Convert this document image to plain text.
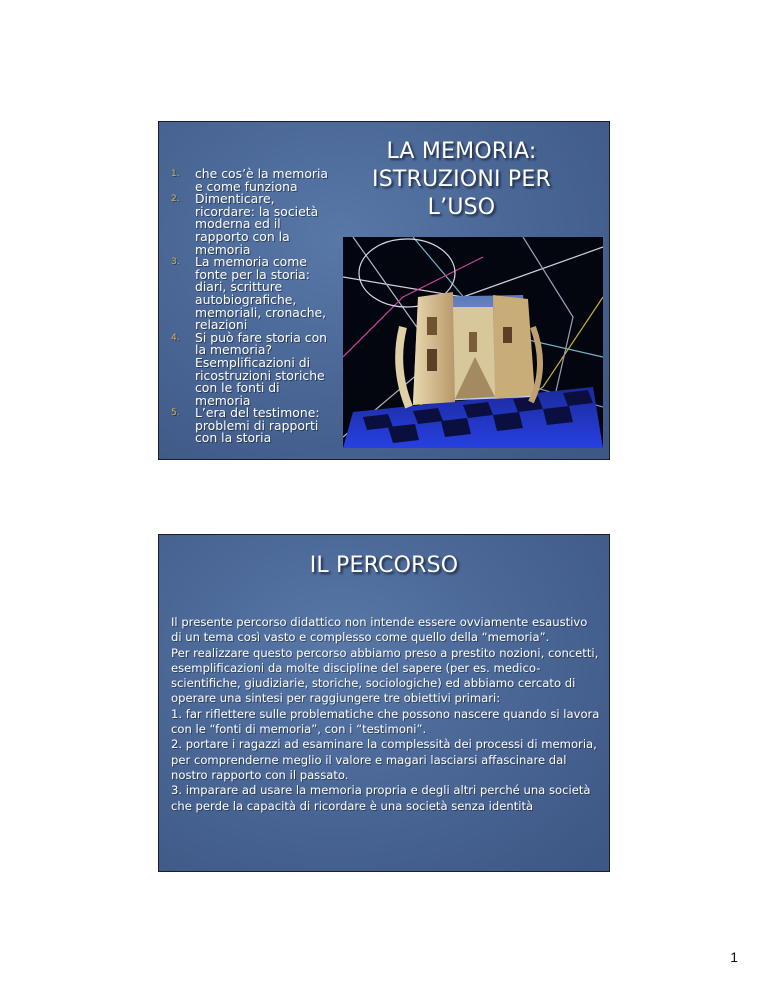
1. che cos’è la memoria e come funziona
2. Dimenticare, ricordare: la società moderna ed il rapporto con la memoria
3. La memoria come fonte per la storia: diari, scritture autobiografiche, memoriali, cronache, relazioni
4. Si può fare storia con la memoria? Esemplificazioni di ricostruzioni storiche con le fonti di memoria
5. L’era del testimone: problemi di rapporti con la storia
LA MEMORIA:
ISTRUZIONI PER
L’USO
IL PERCORSO

Il presente percorso didattico non intende essere ovviamente esaustivo di un tema così vasto e complesso come quello della “memoria”.

Per realizzare questo percorso abbiamo preso a prestito nozioni, concetti, esemplificazioni da molte discipline del sapere (per es. medico-scientifiche, giudiziarie, storiche, sociologiche) ed abbiamo cercato di operare una sintesi per raggiungere tre obiettivi primari:

1. far riflettere sulle problematiche che possono nascere quando si lavora con le “fonti di memoria”, con i “testimoni”.

2. portare i ragazzi ad esaminare la complessità dei processi di memoria, per comprenderne meglio il valore e magari lasciarsi affascinare dal nostro rapporto con il passato.

3. imparare ad usare la memoria propria e degli altri perché una società che perde la capacità di ricordare è una società senza identità

1
